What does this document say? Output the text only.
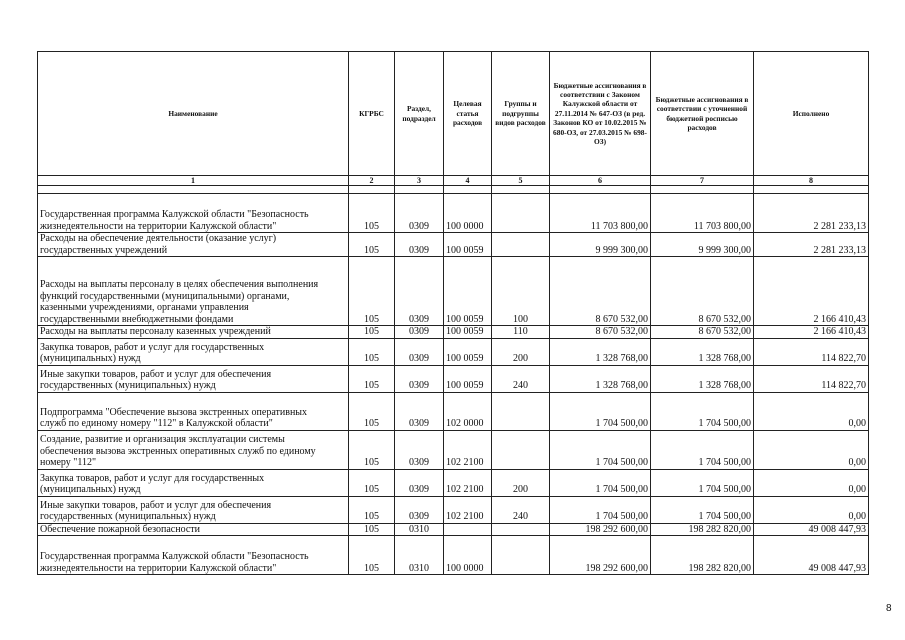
Наименование	КГРБС	Раздел, подраздел	Целевая статья расходов	Группы и подгруппы видов расходов	Бюджетные ассигнования в соответствии с Законом Калужской области от 27.11.2014 № 647-ОЗ (в ред. Законов КО от 10.02.2015 № 680-ОЗ, от 27.03.2015 № 698-ОЗ)	Бюджетные ассигнования в соответствии с уточненной бюджетной росписью расходов	Исполнено
1	2	3	4	5	6	7	8

Государственная программа Калужской области "Безопасность
жизнедеятельности на территории Калужской области"	105	0309	100 0000		11 703 800,00	11 703 800,00	2 281 233,13
Расходы на обеспечение деятельности (оказание услуг)
государственных учреждений	105	0309	100 0059		9 999 300,00	9 999 300,00	2 281 233,13
Расходы на выплаты персоналу в целях обеспечения выполнения
функций государственными (муниципальными) органами,
казенными учреждениями, органами управления
государственными внебюджетными фондами	105	0309	100 0059	100	8 670 532,00	8 670 532,00	2 166 410,43
Расходы на выплаты персоналу казенных учреждений	105	0309	100 0059	110	8 670 532,00	8 670 532,00	2 166 410,43
Закупка товаров, работ и услуг для государственных
(муниципальных) нужд	105	0309	100 0059	200	1 328 768,00	1 328 768,00	114 822,70
Иные закупки товаров, работ и услуг для обеспечения
государственных (муниципальных) нужд	105	0309	100 0059	240	1 328 768,00	1 328 768,00	114 822,70
Подпрограмма "Обеспечение вызова экстренных оперативных
служб по единому номеру "112" в Калужской области"	105	0309	102 0000		1 704 500,00	1 704 500,00	0,00
Создание, развитие и организация эксплуатации системы
обеспечения вызова экстренных оперативных служб по единому
номеру "112"	105	0309	102 2100		1 704 500,00	1 704 500,00	0,00
Закупка товаров, работ и услуг для государственных
(муниципальных) нужд	105	0309	102 2100	200	1 704 500,00	1 704 500,00	0,00
Иные закупки товаров, работ и услуг для обеспечения
государственных (муниципальных) нужд	105	0309	102 2100	240	1 704 500,00	1 704 500,00	0,00
Обеспечение пожарной безопасности	105	0310			198 292 600,00	198 282 820,00	49 008 447,93
Государственная программа Калужской области "Безопасность
жизнедеятельности на территории Калужской области"	105	0310	100 0000		198 292 600,00	198 282 820,00	49 008 447,93
8
